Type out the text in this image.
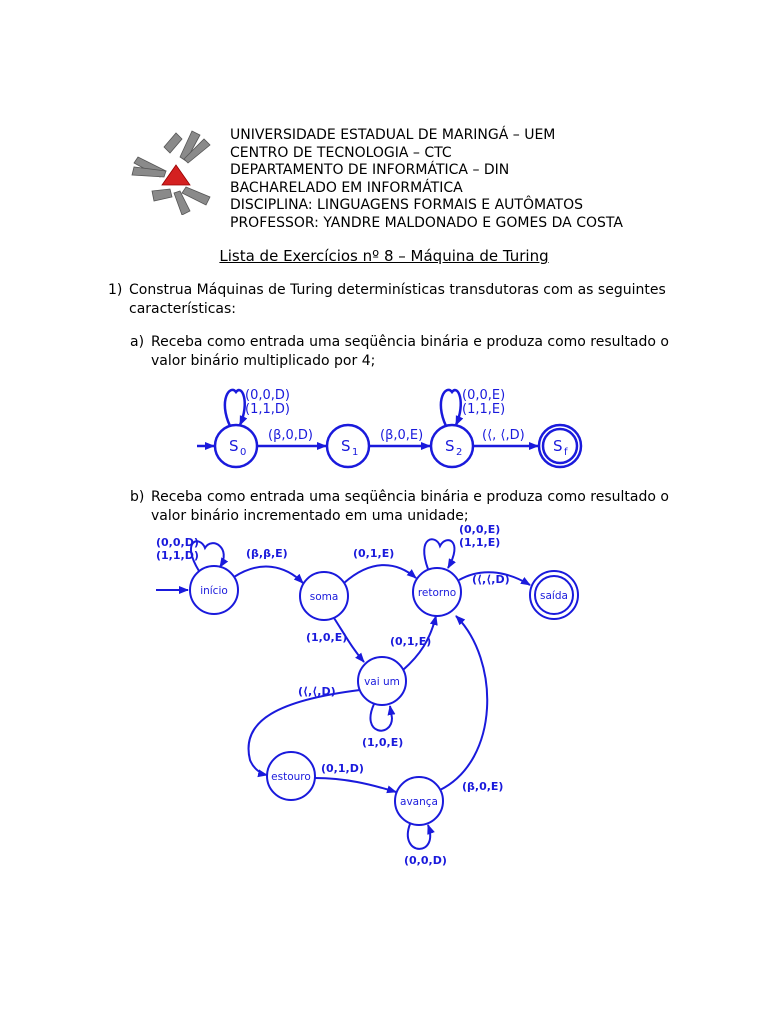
UNIVERSIDADE ESTADUAL DE MARINGÁ – UEM
CENTRO DE TECNOLOGIA – CTC
DEPARTAMENTO DE INFORMÁTICA – DIN
BACHARELADO EM INFORMÁTICA
DISCIPLINA: LINGUAGENS FORMAIS E AUTÔMATOS
PROFESSOR: YANDRE MALDONADO E GOMES DA COSTA
Lista de Exercícios nº 8 – Máquina de Turing
1) Construa Máquinas de Turing determinísticas transdutoras com as seguintes
características:
a) Receba como entrada uma seqüência binária e produza como resultado o
valor binário multiplicado por 4;
S 0	S 1	S 2	S f
(0,0,D)
(1,1,D)
(β,0,D)	(β,0,E)
(0,0,E)
(1,1,E)
(⟨, ⟨,D)
b) Receba como entrada uma seqüência binária e produza como resultado o
valor binário incrementado em uma unidade;
início	soma	retorno	saída
vai um
estouro
avança
(0,0,D)
(1,1,D)	(β,β,E)	(0,1,E)
(0,0,E)
(1,1,E)
(⟨,⟨,D)
(1,0,E)	(0,1,E)
(⟨,⟨,D)
(1,0,E)
(0,1,D)
(β,0,E)
(0,0,D)
